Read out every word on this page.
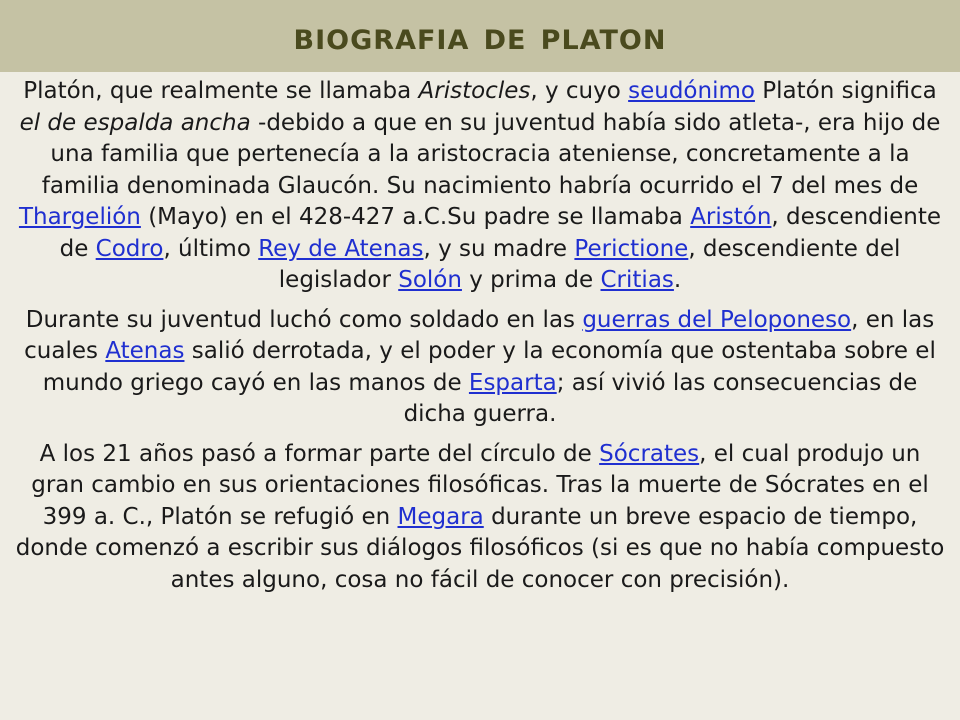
biografia de platon

Platón, que realmente se llamaba Aristocles, y cuyo seudónimo Platón significa el de espalda ancha -debido a que en su juventud había sido atleta-, era hijo de una familia que pertenecía a la aristocracia ateniense, concretamente a la familia denominada Glaucón. Su nacimiento habría ocurrido el 7 del mes de Thargelión (Mayo) en el 428-427 a.C.Su padre se llamaba Aristón, descendiente de Codro, último Rey de Atenas, y su madre Perictione, descendiente del legislador Solón y prima de Critias.

Durante su juventud luchó como soldado en las guerras del Peloponeso, en las cuales Atenas salió derrotada, y el poder y la economía que ostentaba sobre el mundo griego cayó en las manos de Esparta; así vivió las consecuencias de dicha guerra.

A los 21 años pasó a formar parte del círculo de Sócrates, el cual produjo un gran cambio en sus orientaciones filosóficas. Tras la muerte de Sócrates en el 399 a. C., Platón se refugió en Megara durante un breve espacio de tiempo, donde comenzó a escribir sus diálogos filosóficos (si es que no había compuesto antes alguno, cosa no fácil de conocer con precisión).
